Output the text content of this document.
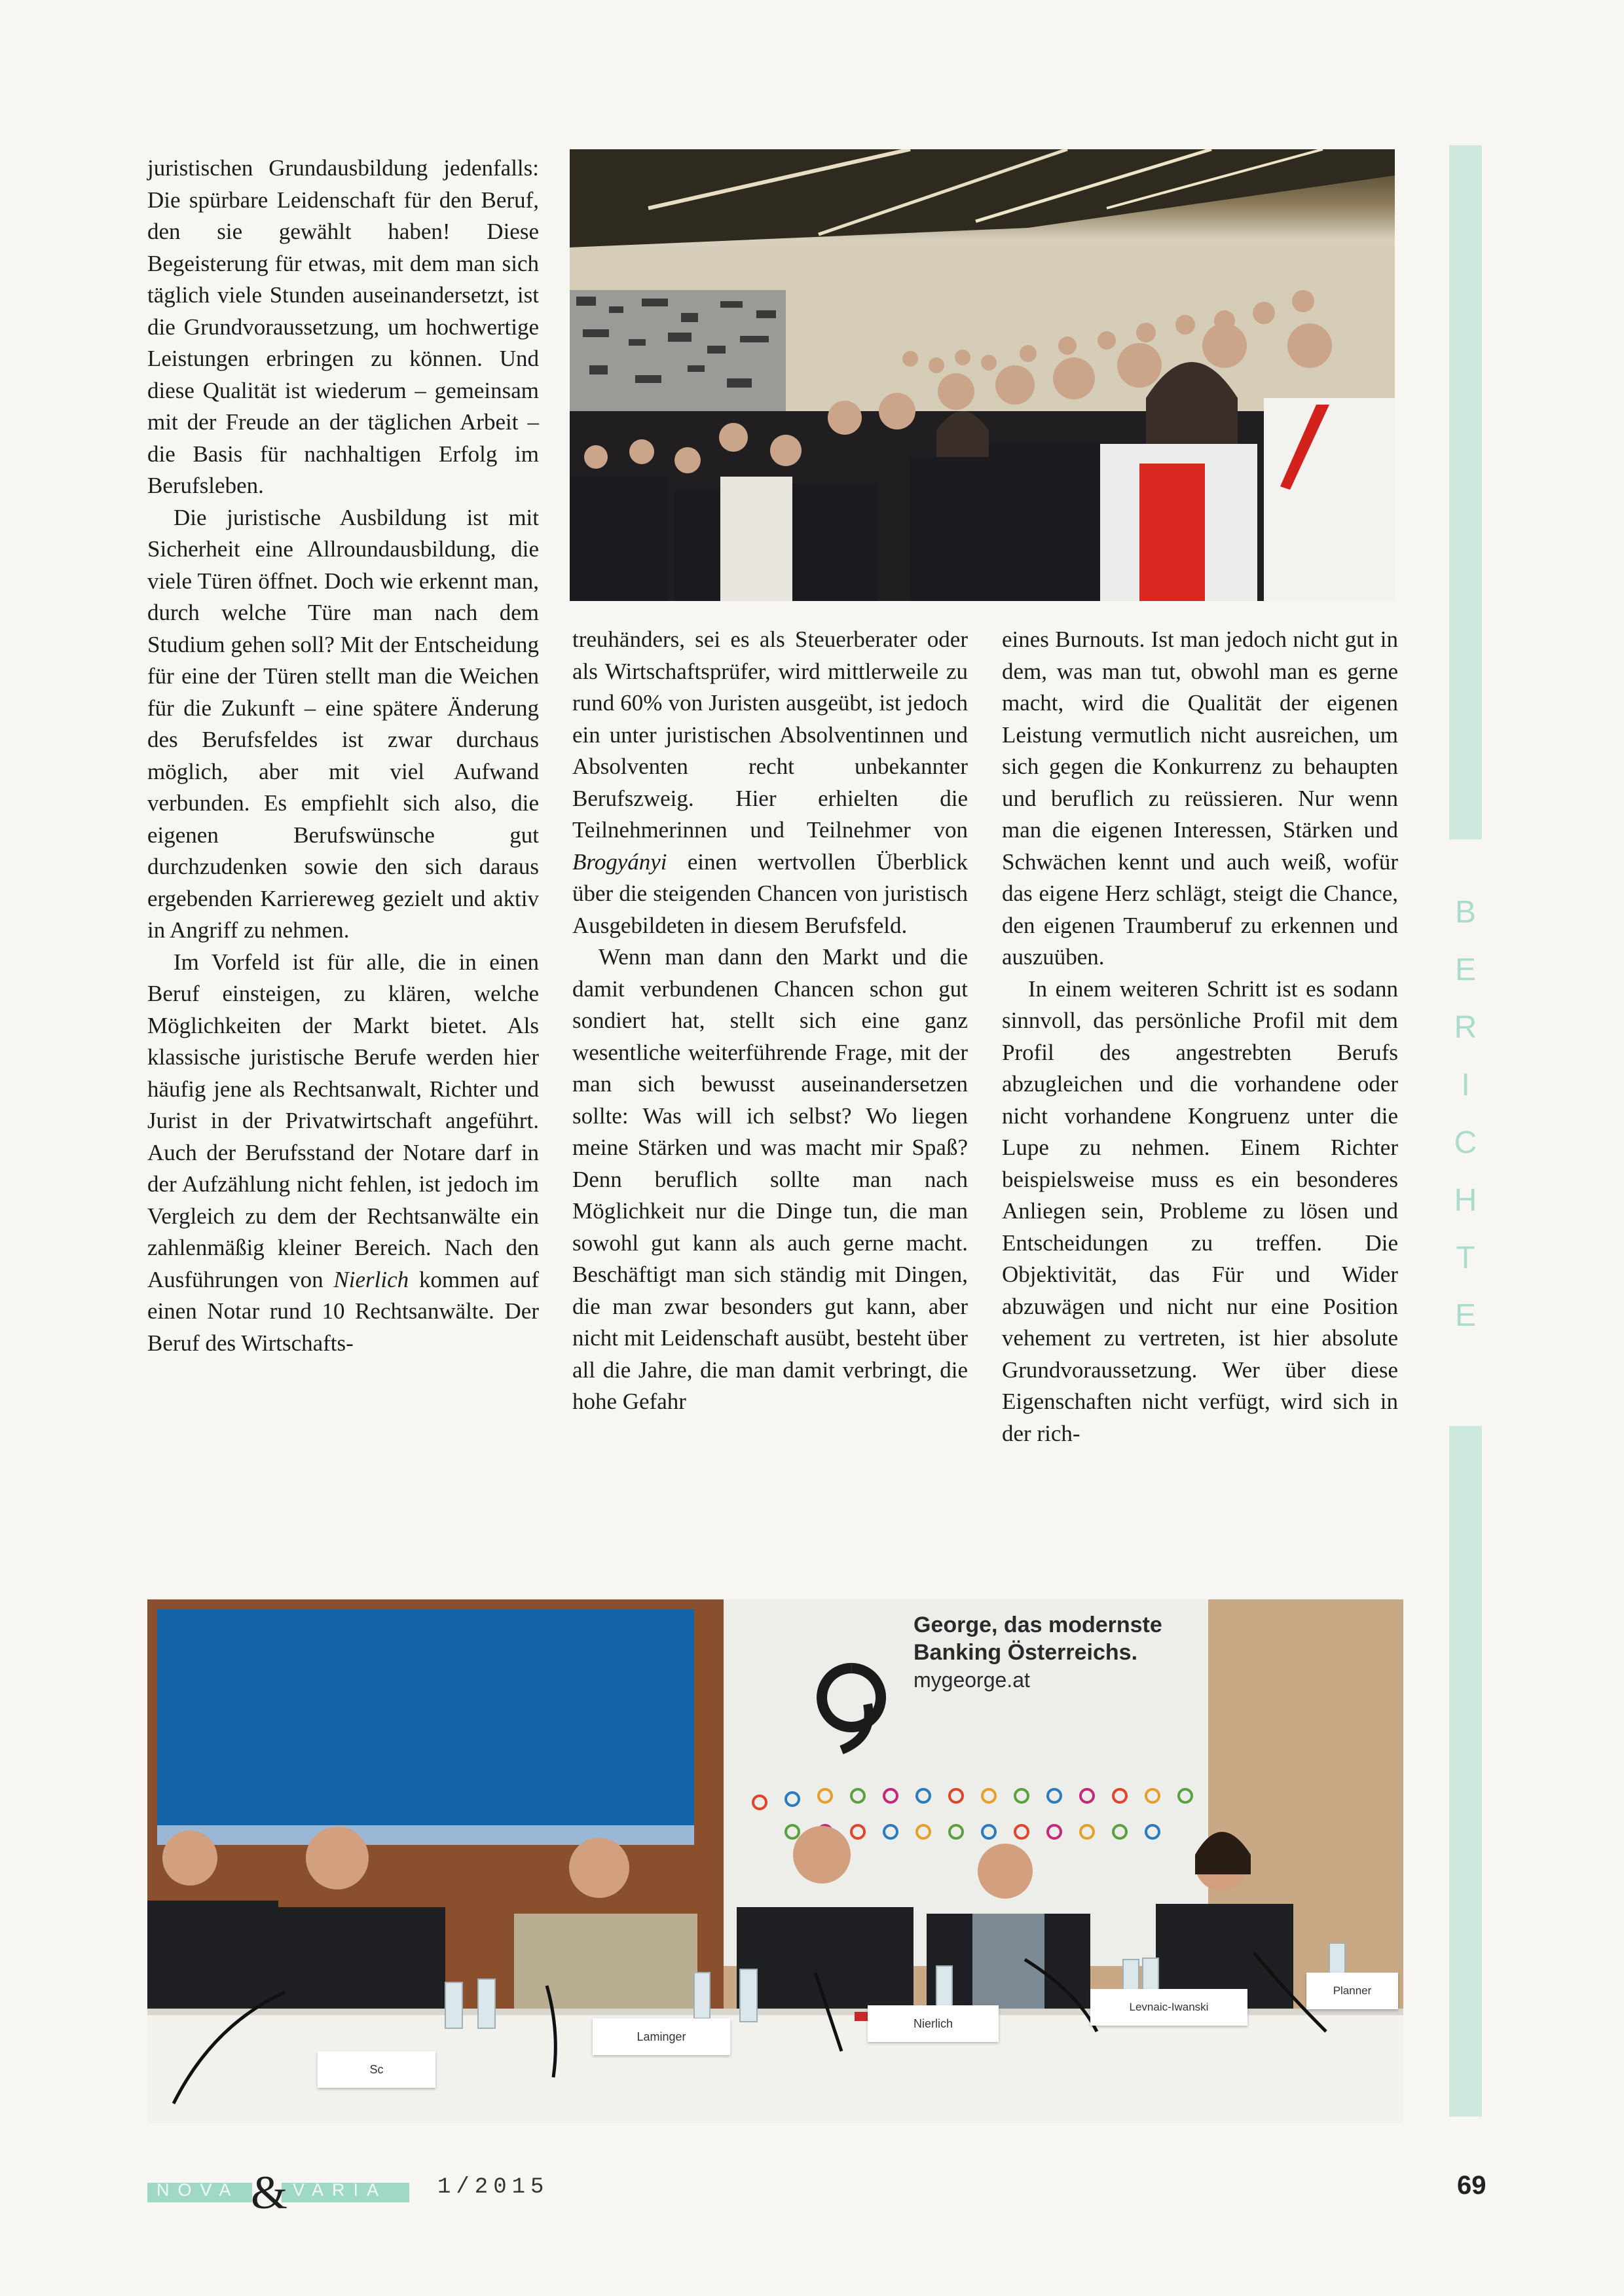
juristischen Grundausbildung jedenfalls: Die spürbare Leidenschaft für den Beruf, den sie gewählt haben! Diese Begeisterung für etwas, mit dem man sich täglich viele Stunden auseinandersetzt, ist die Grundvoraussetzung, um hochwertige Leistungen erbringen zu können. Und diese Qualität ist wiederum – gemeinsam mit der Freude an der täglichen Arbeit – die Basis für nachhaltigen Erfolg im Berufsleben.

Die juristische Ausbildung ist mit Sicherheit eine Allroundausbildung, die viele Türen öffnet. Doch wie erkennt man, durch welche Türe man nach dem Studium gehen soll? Mit der Entscheidung für eine der Türen stellt man die Weichen für die Zukunft – eine spätere Änderung des Berufsfeldes ist zwar durchaus möglich, aber mit viel Aufwand verbunden. Es empfiehlt sich also, die eigenen Berufswünsche gut durchzudenken sowie den sich daraus ergebenden Karriereweg gezielt und aktiv in Angriff zu nehmen.

Im Vorfeld ist für alle, die in einen Beruf einsteigen, zu klären, welche Möglichkeiten der Markt bietet. Als klassische juristische Berufe werden hier häufig jene als Rechtsanwalt, Richter und Jurist in der Privatwirtschaft angeführt. Auch der Berufsstand der Notare darf in der Aufzählung nicht fehlen, ist jedoch im Vergleich zu dem der Rechtsanwälte ein zahlenmäßig kleiner Bereich. Nach den Ausführungen von Nierlich kommen auf einen Notar rund 10 Rechtsanwälte. Der Beruf des Wirtschafts-

treuhänders, sei es als Steuerberater oder als Wirtschaftsprüfer, wird mittlerweile zu rund 60% von Juristen ausgeübt, ist jedoch ein unter juristischen Absolventinnen und Absolventen recht unbekannter Berufszweig. Hier erhielten die Teilnehmerinnen und Teilnehmer von Brogyányi einen wertvollen Überblick über die steigenden Chancen von juristisch Ausgebildeten in diesem Berufsfeld.

Wenn man dann den Markt und die damit verbundenen Chancen schon gut sondiert hat, stellt sich eine ganz wesentliche weiterführende Frage, mit der man sich bewusst auseinandersetzen sollte: Was will ich selbst? Wo liegen meine Stärken und was macht mir Spaß? Denn beruflich sollte man nach Möglichkeit nur die Dinge tun, die man sowohl gut kann als auch gerne macht. Beschäftigt man sich ständig mit Dingen, die man zwar besonders gut kann, aber nicht mit Leidenschaft ausübt, besteht über all die Jahre, die man damit verbringt, die hohe Gefahr

eines Burnouts. Ist man jedoch nicht gut in dem, was man tut, obwohl man es gerne macht, wird die Qualität der eigenen Leistung vermutlich nicht ausreichen, um sich gegen die Konkurrenz zu behaupten und beruflich zu reüssieren. Nur wenn man die eigenen Interessen, Stärken und Schwächen kennt und auch weiß, wofür das eigene Herz schlägt, steigt die Chance, den eigenen Traumberuf zu erkennen und auszuüben.

In einem weiteren Schritt ist es sodann sinnvoll, das persönliche Profil mit dem Profil des angestrebten Berufs abzugleichen und die vorhandene oder nicht vorhandene Kongruenz unter die Lupe zu nehmen. Einem Richter beispielsweise muss es ein besonderes Anliegen sein, Probleme zu lösen und Entscheidungen zu treffen. Die Objektivität, das Für und Wider abzuwägen und nicht nur eine Position vehement zu vertreten, ist hier absolute Grundvoraussetzung. Wer über diese Eigenschaften nicht verfügt, wird sich in der rich-

George, das modernste
Banking Österreichs.
mygeorge.at
Sc
Laminger
Nierlich
Levnaic-Iwanski
Planner
B
E
R
I
C
H
T
E
NOVA & VARIA 1/2015	69
